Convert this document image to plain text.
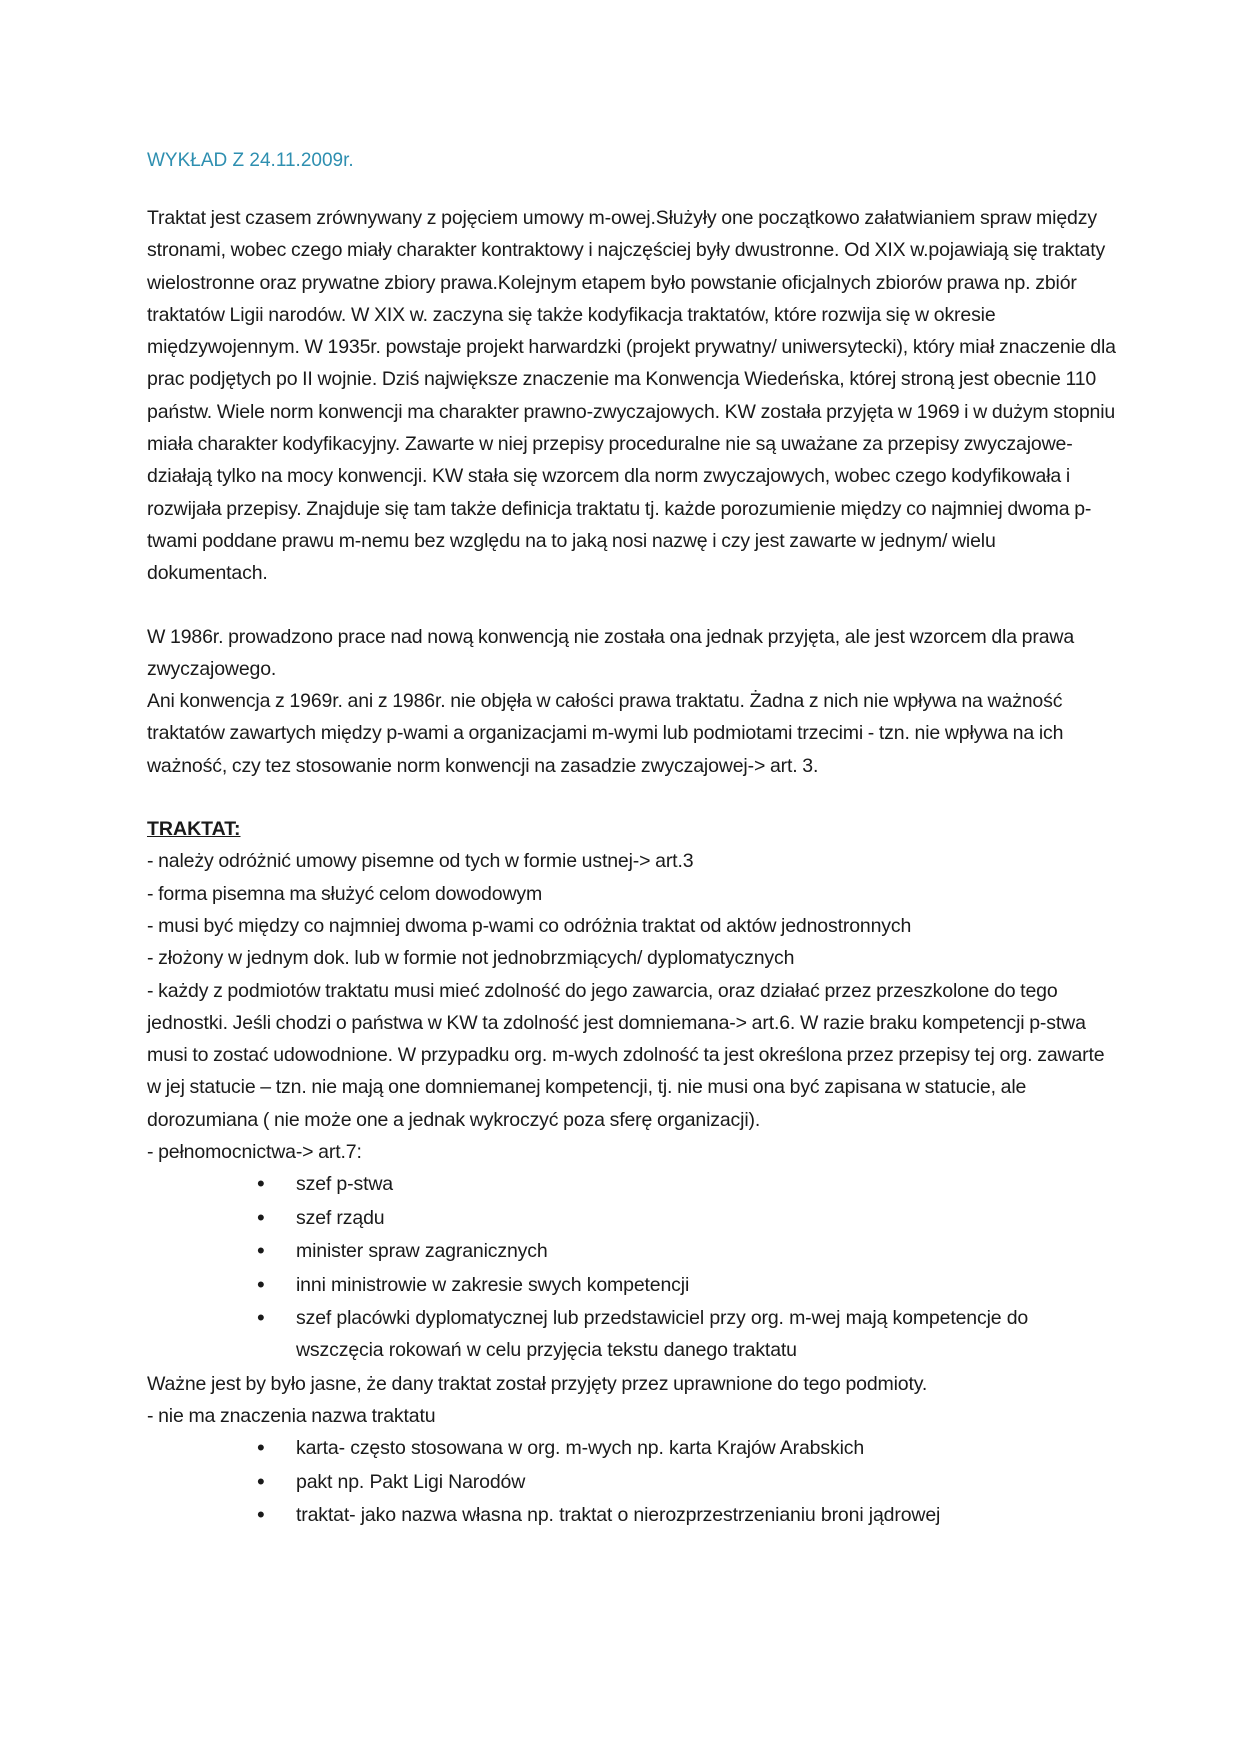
WYKŁAD Z 24.11.2009r.

Traktat jest czasem zrównywany z pojęciem umowy m-owej.Służyły one początkowo załatwianiem spraw między stronami, wobec czego miały charakter kontraktowy i najczęściej były dwustronne. Od XIX w.pojawiają się traktaty wielostronne oraz prywatne zbiory prawa.Kolejnym etapem było powstanie oficjalnych zbiorów prawa np. zbiór traktatów Ligii narodów. W XIX w. zaczyna się także kodyfikacja traktatów, które rozwija się w okresie międzywojennym. W 1935r. powstaje projekt harwardzki (projekt prywatny/ uniwersytecki), który miał znaczenie dla prac podjętych po II wojnie. Dziś największe znaczenie ma Konwencja Wiedeńska, której stroną jest obecnie 110 państw. Wiele norm konwencji ma charakter prawno-zwyczajowych. KW została przyjęta w 1969 i w dużym stopniu miała charakter kodyfikacyjny. Zawarte w niej przepisy proceduralne nie są uważane za przepisy zwyczajowe- działają tylko na mocy konwencji. KW stała się wzorcem dla norm zwyczajowych, wobec czego kodyfikowała i rozwijała przepisy. Znajduje się tam także definicja traktatu tj. każde porozumienie między co najmniej dwoma p-twami poddane prawu m-nemu bez względu na to jaką nosi nazwę i czy jest zawarte w jednym/ wielu dokumentach.

W 1986r. prowadzono prace nad nową konwencją nie została ona jednak przyjęta, ale jest wzorcem dla prawa zwyczajowego.

Ani konwencja z 1969r. ani z 1986r. nie objęła w całości prawa traktatu. Żadna z nich nie wpływa na ważność traktatów zawartych między p-wami a organizacjami m-wymi lub podmiotami trzecimi - tzn. nie wpływa na ich ważność, czy tez stosowanie norm konwencji na zasadzie zwyczajowej-> art. 3.

TRAKTAT:

- należy odróżnić umowy pisemne od tych w formie ustnej-> art.3

- forma pisemna ma służyć celom dowodowym

- musi być między co najmniej dwoma p-wami co odróżnia traktat od aktów jednostronnych

- złożony w jednym dok. lub w formie not jednobrzmiących/ dyplomatycznych

- każdy z podmiotów traktatu musi mieć zdolność do jego zawarcia, oraz działać przez przeszkolone do tego jednostki. Jeśli chodzi o państwa w KW ta zdolność jest domniemana-> art.6. W razie braku kompetencji p-stwa musi to zostać udowodnione. W przypadku org. m-wych zdolność ta jest określona przez przepisy tej org. zawarte w jej statucie – tzn. nie mają one domniemanej kompetencji, tj. nie musi ona być zapisana w statucie, ale dorozumiana ( nie może one a jednak wykroczyć poza sferę organizacji).

- pełnomocnictwa-> art.7:

• szef p-stwa
• szef rządu
• minister spraw zagranicznych
• inni ministrowie w zakresie swych kompetencji
• szef placówki dyplomatycznej lub przedstawiciel przy org. m-wej mają kompetencje do wszczęcia rokowań w celu przyjęcia tekstu danego traktatu

Ważne jest by było jasne, że dany traktat został przyjęty przez uprawnione do tego podmioty.

- nie ma znaczenia nazwa traktatu

• karta- często stosowana w org. m-wych np. karta Krajów Arabskich
• pakt np. Pakt Ligi Narodów
• traktat- jako nazwa własna np. traktat o nierozprzestrzenianiu broni jądrowej
